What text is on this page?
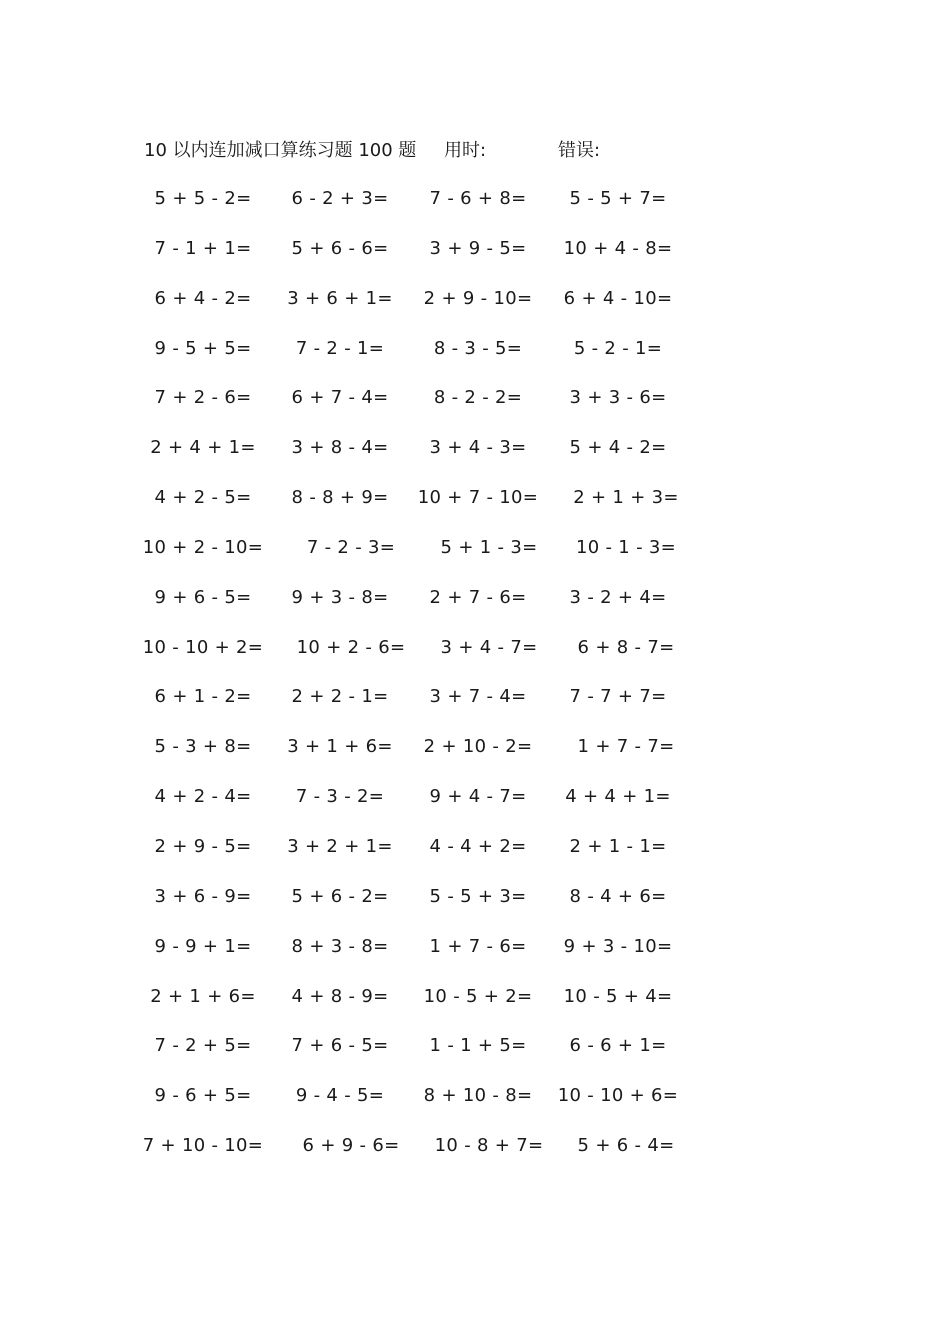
10 以内连加减口算练习题 100 题 用时:	错误:
5 + 5 - 2= 6 - 2 + 3= 7 - 6 + 8= 5 - 5 + 7=
7 - 1 + 1= 5 + 6 - 6= 3 + 9 - 5= 10 + 4 - 8=
6 + 4 - 2= 3 + 6 + 1= 2 + 9 - 10= 6 + 4 - 10=
9 - 5 + 5= 7 - 2 - 1=	8 - 3 - 5=	5 - 2 - 1=
7 + 2 - 6= 6 + 7 - 4=	8 - 2 - 2=	3 + 3 - 6=
2 + 4 + 1= 3 + 8 - 4= 3 + 4 - 3= 5 + 4 - 2=
4 + 2 - 5= 8 - 8 + 9= 10 + 7 - 10= 2 + 1 + 3=
10 + 2 - 10= 7 - 2 - 3=	5 + 1 - 3= 10 - 1 - 3=
9 + 6 - 5= 9 + 3 - 8= 2 + 7 - 6= 3 - 2 + 4=
10 - 10 + 2= 10 + 2 - 6= 3 + 4 - 7= 6 + 8 - 7=
6 + 1 - 2= 2 + 2 - 1= 3 + 7 - 4= 7 - 7 + 7=
5 - 3 + 8= 3 + 1 + 6= 2 + 10 - 2=	1 + 7 - 7=
4 + 2 - 4= 7 - 3 - 2=	9 + 4 - 7= 4 + 4 + 1=
2 + 9 - 5= 3 + 2 + 1= 4 - 4 + 2= 2 + 1 - 1=
3 + 6 - 9= 5 + 6 - 2= 5 - 5 + 3= 8 - 4 + 6=
9 - 9 + 1= 8 + 3 - 8= 1 + 7 - 6= 9 + 3 - 10=
2 + 1 + 6= 4 + 8 - 9= 10 - 5 + 2= 10 - 5 + 4=
7 - 2 + 5= 7 + 6 - 5= 1 - 1 + 5= 6 - 6 + 1=
9 - 6 + 5= 9 - 4 - 5= 8 + 10 - 8= 10 - 10 + 6=
7 + 10 - 10= 6 + 9 - 6= 10 - 8 + 7= 5 + 6 - 4=
